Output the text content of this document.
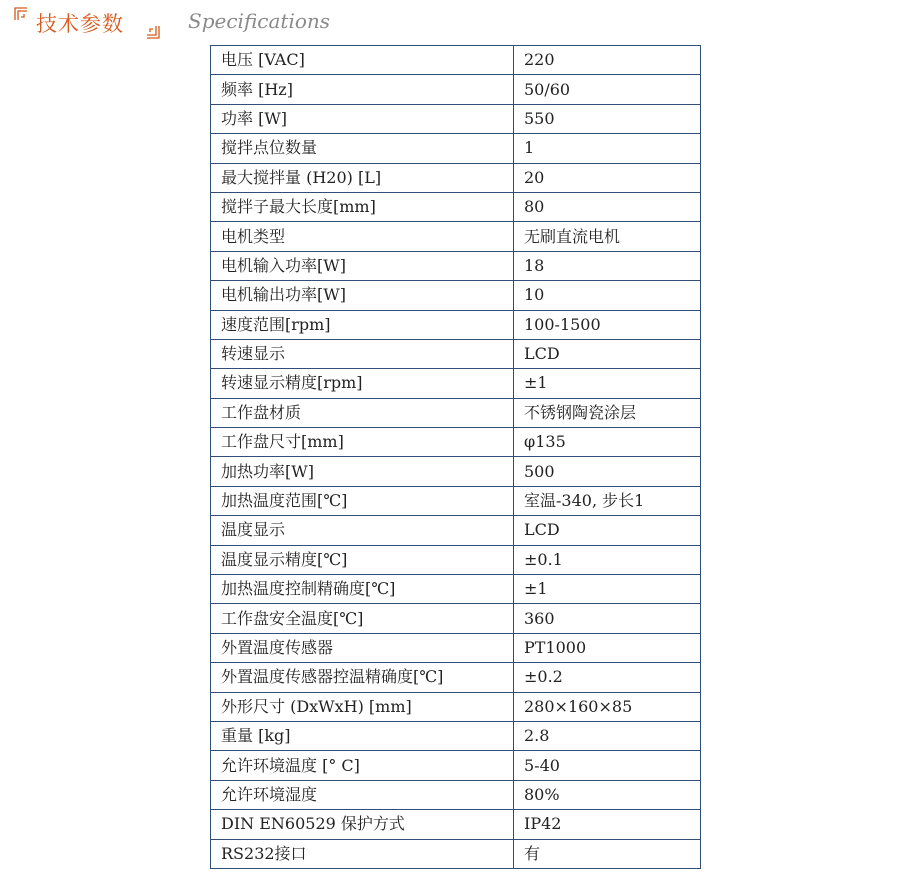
技术参数	Specifications
电压 [VAC]	220
频率 [Hz]	50/60
功率 [W]	550
搅拌点位数量	1
最大搅拌量 (H20) [L]	20
搅拌子最大长度[mm]	80
电机类型	无刷直流电机
电机输入功率[W]	18
电机输出功率[W]	10
速度范围[rpm]	100-1500
转速显示	LCD
转速显示精度[rpm]	±1
工作盘材质	不锈钢陶瓷涂层
工作盘尺寸[mm]	φ135
加热功率[W]	500
加热温度范围[℃]	室温-340, 步长1
温度显示	LCD
温度显示精度[℃]	±0.1
加热温度控制精确度[℃]	±1
工作盘安全温度[℃]	360
外置温度传感器	PT1000
外置温度传感器控温精确度[℃]	±0.2
外形尺寸 (DxWxH) [mm]	280×160×85
重量 [kg]	2.8
允许环境温度 [° C]	5-40
允许环境湿度	80%
DIN EN60529 保护方式	IP42
RS232接口	有
